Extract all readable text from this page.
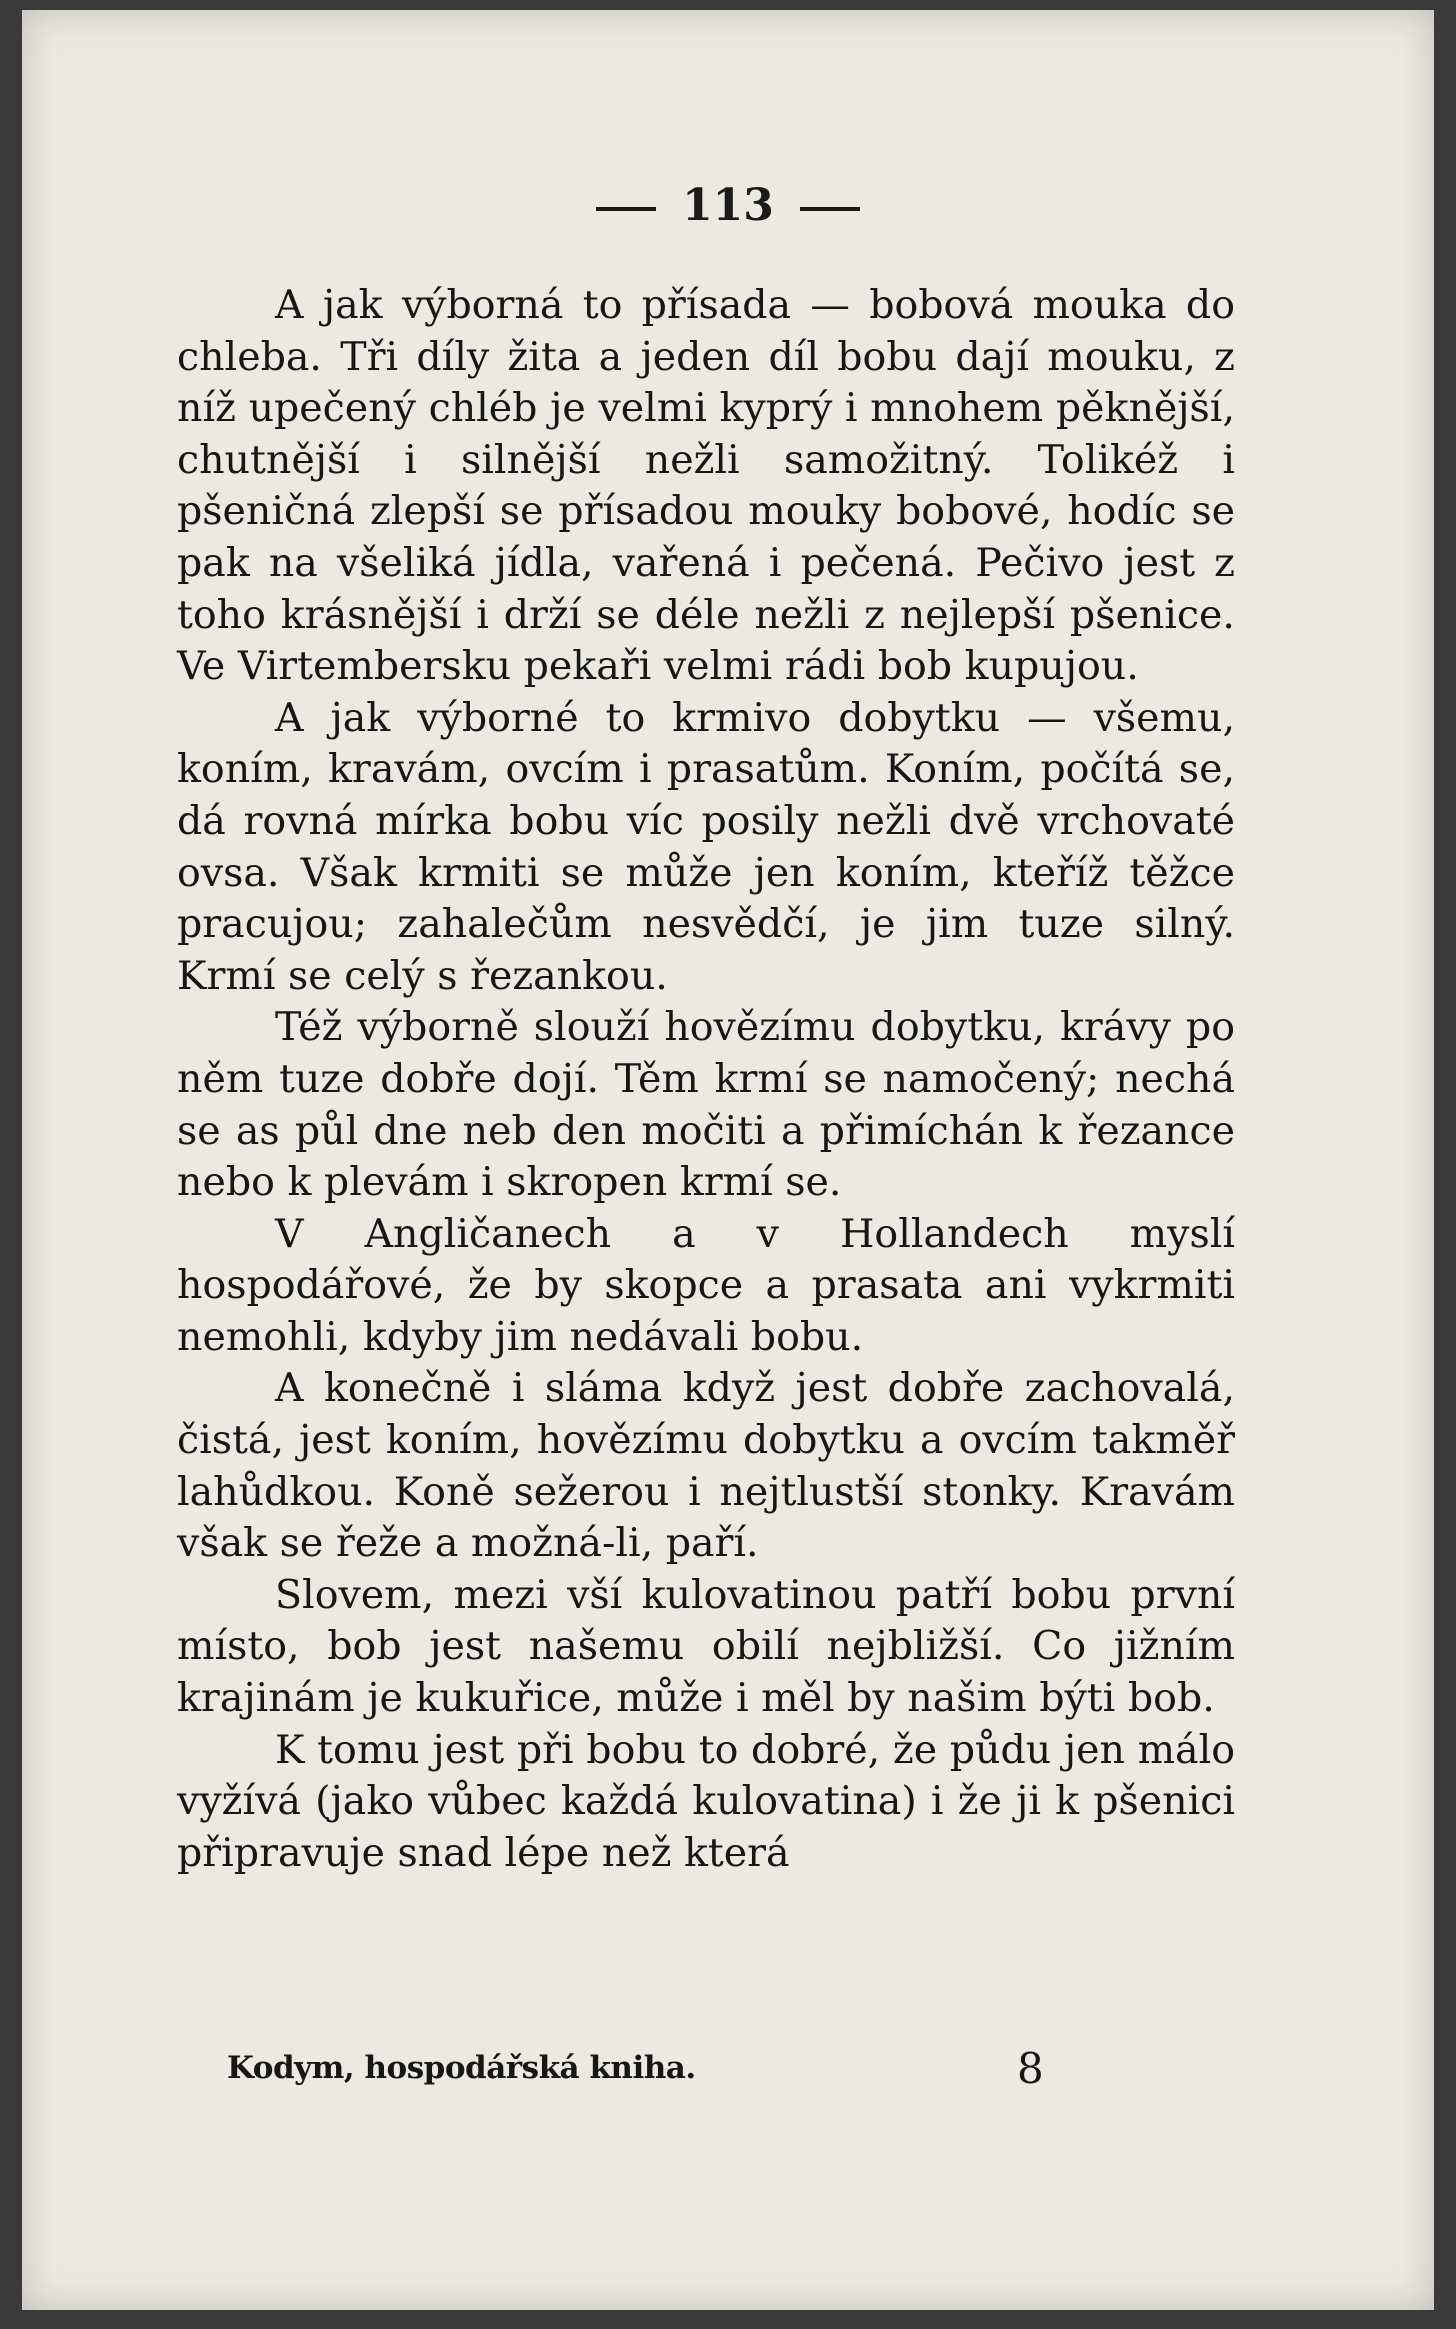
113

A jak výborná to přísada — bobová mouka do chleba. Tři díly žita a jeden díl bobu dají mouku, z níž upečený chléb je velmi kyprý i mnohem pěknější, chutnější i silnější nežli samožitný. Tolikéž i pšeničná zlepší se přísadou mouky bobové, hodíc se pak na všeliká jídla, vařená i pečená. Pečivo jest z toho krásnější i drží se déle nežli z nejlepší pšenice. Ve Virtembersku pekaři velmi rádi bob kupujou.

A jak výborné to krmivo dobytku — všemu, koním, kravám, ovcím i prasatům. Koním, počítá se, dá rovná mírka bobu víc posily nežli dvě vrchovaté ovsa. Však krmiti se může jen koním, kteříž těžce pracujou; zahalečům nesvědčí, je jim tuze silný. Krmí se celý s řezankou.

Též výborně slouží hovězímu dobytku, krávy po něm tuze dobře dojí. Těm krmí se namočený; nechá se as půl dne neb den močiti a přimíchán k řezance nebo k plevám i skropen krmí se.

V Angličanech a v Hollandech myslí hospodářové, že by skopce a prasata ani vykrmiti nemohli, kdyby jim nedávali bobu.

A konečně i sláma když jest dobře zachovalá, čistá, jest koním, hovězímu dobytku a ovcím takměř lahůdkou. Koně sežerou i nejtlustší stonky. Kravám však se řeže a možná-li, paří.

Slovem, mezi vší kulovatinou patří bobu první místo, bob jest našemu obilí nejbližší. Co jižním krajinám je kukuřice, může i měl by našim býti bob.

K tomu jest při bobu to dobré, že půdu jen málo vyžívá (jako vůbec každá kulovatina) i že ji k pšenici připravuje snad lépe než která

Kodym, hospodářská kniha.	8
